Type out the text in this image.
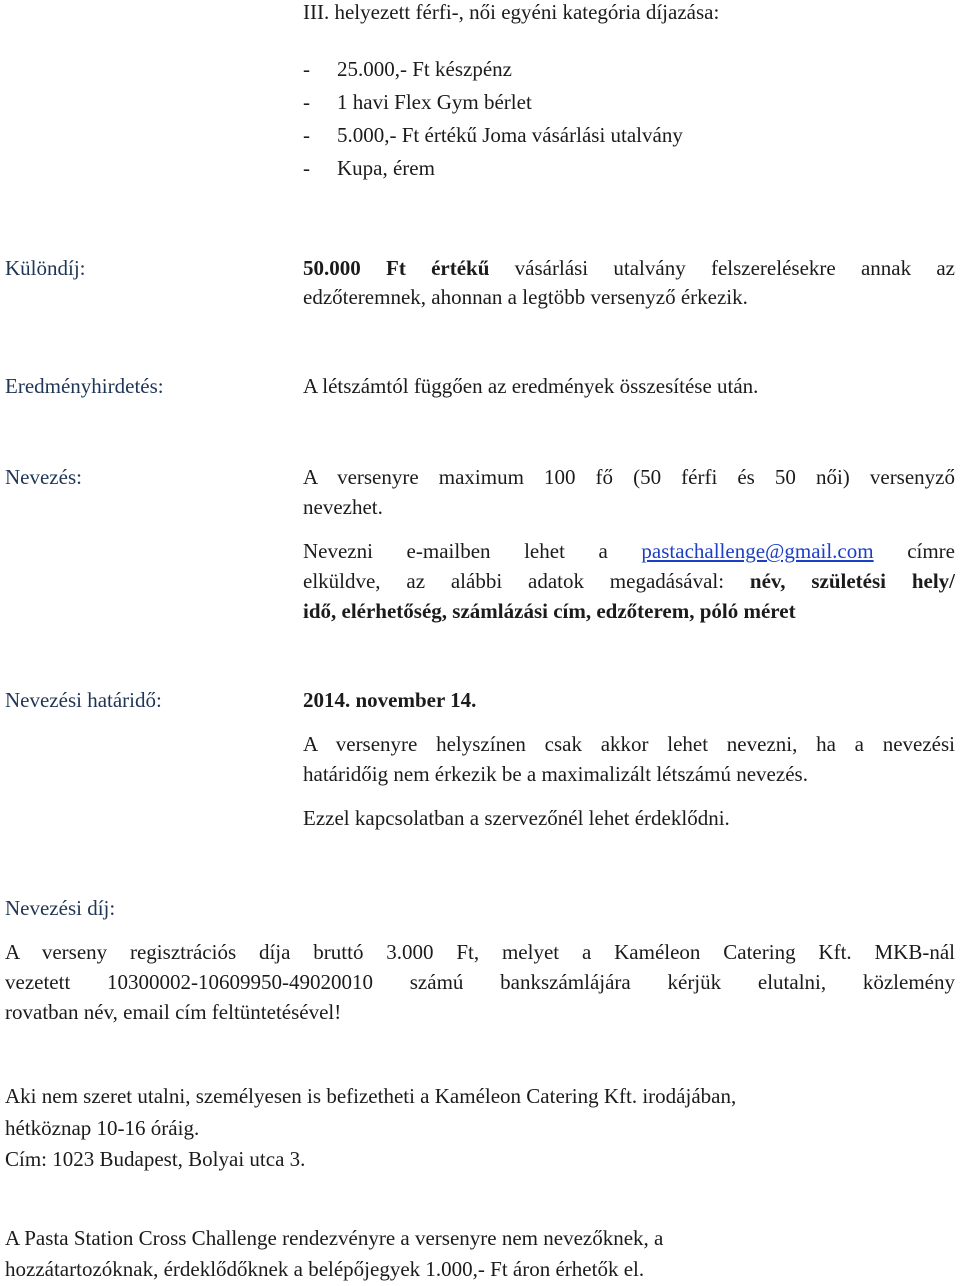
III. helyezett férfi-, női egyéni kategória díjazása:
- 25.000,- Ft készpénz
- 1 havi Flex Gym bérlet
- 5.000,- Ft értékű Joma vásárlási utalvány
- Kupa, érem
Különdíj:	50.000 Ft értékű vásárlási utalvány felszerelésekre annak az
edzőteremnek, ahonnan a legtöbb versenyző érkezik.
Eredményhirdetés:	A létszámtól függően az eredmények összesítése után.
Nevezés:	A versenyre maximum 100 fő (50 férfi és 50 női) versenyző
nevezhet.
Nevezni e-mailben lehet a pastachallenge@gmail.com címre
elküldve, az alábbi adatok megadásával: név, születési hely/
idő, elérhetőség, számlázási cím, edzőterem, póló méret
Nevezési határidő:	2014. november 14.
A versenyre helyszínen csak akkor lehet nevezni, ha a nevezési
határidőig nem érkezik be a maximalizált létszámú nevezés.
Ezzel kapcsolatban a szervezőnél lehet érdeklődni.
Nevezési díj:
A verseny regisztrációs díja bruttó 3.000 Ft, melyet a Kaméleon Catering Kft. MKB-nál
vezetett 10300002-10609950-49020010 számú bankszámlájára kérjük elutalni, közlemény
rovatban név, email cím feltüntetésével!
Aki nem szeret utalni, személyesen is befizetheti a Kaméleon Catering Kft. irodájában,
hétköznap 10-16 óráig.
Cím: 1023 Budapest, Bolyai utca 3.
A Pasta Station Cross Challenge rendezvényre a versenyre nem nevezőknek, a
hozzátartozóknak, érdeklődőknek a belépőjegyek 1.000,- Ft áron érhetők el.
